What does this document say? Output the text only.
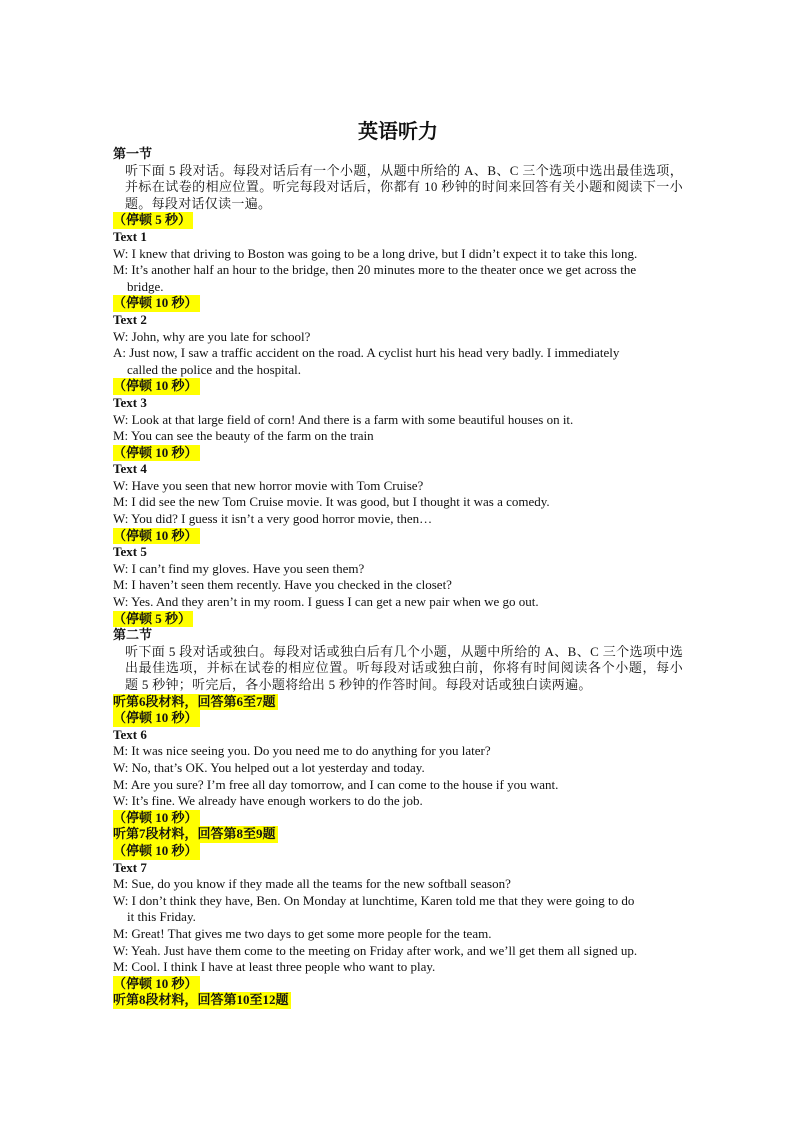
英语听力
第一节
听下面 5 段对话。每段对话后有一个小题，从题中所给的 A、B、C 三个选项中选出最佳选项，并标在试卷的相应位置。听完每段对话后，你都有 10 秒钟的时间来回答有关小题和阅读下一小题。每段对话仅读一遍。
（停顿 5 秒）
Text 1
W: I knew that driving to Boston was going to be a long drive, but I didn’t expect it to take this long.
M: It’s another half an hour to the bridge, then 20 minutes more to the theater once we get across the
bridge.
（停顿 10 秒）
Text 2
W: John, why are you late for school?
A: Just now, I saw a traffic accident on the road. A cyclist hurt his head very badly. I immediately
called the police and the hospital.
（停顿 10 秒）
Text 3
W: Look at that large field of corn! And there is a farm with some beautiful houses on it.
M: You can see the beauty of the farm on the train
（停顿 10 秒）
Text 4
W: Have you seen that new horror movie with Tom Cruise?
M: I did see the new Tom Cruise movie. It was good, but I thought it was a comedy.
W: You did? I guess it isn’t a very good horror movie, then…
（停顿 10 秒）
Text 5
W: I can’t find my gloves. Have you seen them?
M: I haven’t seen them recently. Have you checked in the closet?
W: Yes. And they aren’t in my room. I guess I can get a new pair when we go out.
（停顿 5 秒）
第二节
听下面 5 段对话或独白。每段对话或独白后有几个小题，从题中所给的 A、B、C 三个选项中选出最佳选项，并标在试卷的相应位置。听每段对话或独白前，你将有时间阅读各个小题，每小题 5 秒钟；听完后，各小题将给出 5 秒钟的作答时间。每段对话或独白读两遍。
听第6段材料，回答第6至7题
（停顿 10 秒）
Text 6
M: It was nice seeing you. Do you need me to do anything for you later?
W: No, that’s OK. You helped out a lot yesterday and today.
M: Are you sure? I’m free all day tomorrow, and I can come to the house if you want.
W: It’s fine. We already have enough workers to do the job.
（停顿 10 秒）
听第7段材料，回答第8至9题
（停顿 10 秒）
Text 7
M: Sue, do you know if they made all the teams for the new softball season?
W: I don’t think they have, Ben. On Monday at lunchtime, Karen told me that they were going to do
it this Friday.
M: Great! That gives me two days to get some more people for the team.
W: Yeah. Just have them come to the meeting on Friday after work, and we’ll get them all signed up.
M: Cool. I think I have at least three people who want to play.
（停顿 10 秒）
听第8段材料，回答第10至12题
